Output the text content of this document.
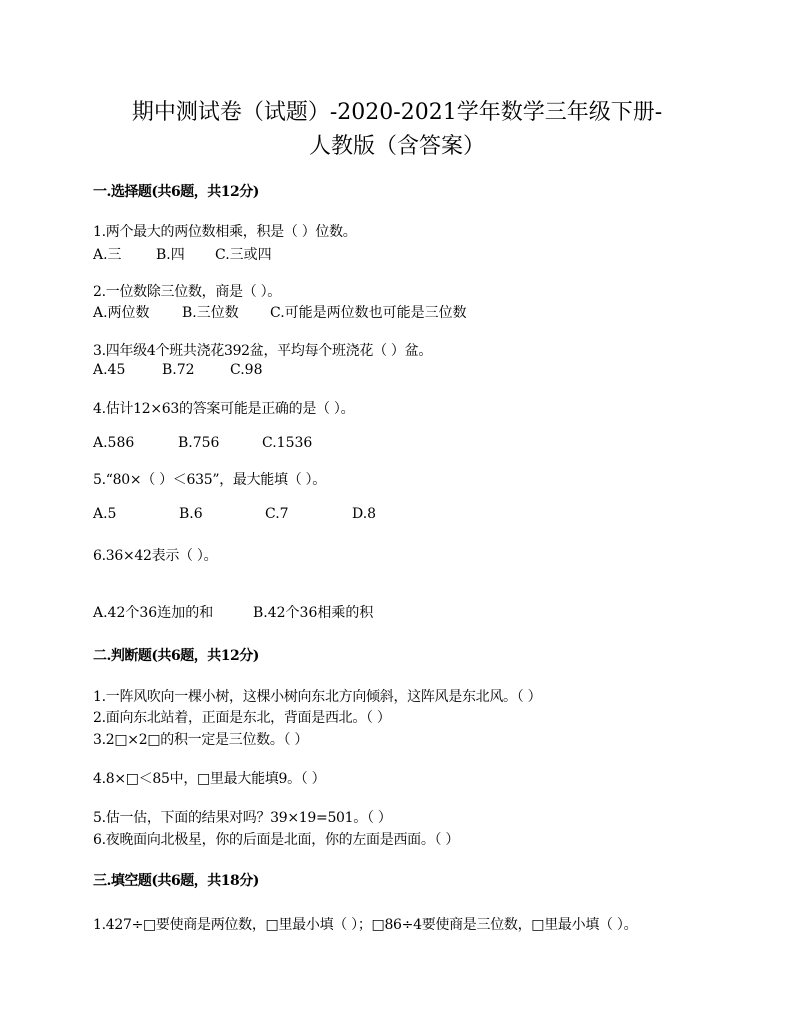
期中测试卷（试题）-2020-2021学年数学三年级下册-
人教版（含答案）
一.选择题(共6题，共12分)
1.两个最大的两位数相乘，积是（ ）位数。
A.三 B.四 C.三或四
2.一位数除三位数，商是（ ）。
A.两位数 B.三位数 C.可能是两位数也可能是三位数
3.四年级4个班共浇花392盆，平均每个班浇花（ ）盆。
A.45	B.72	C.98
4.估计12×63的答案可能是正确的是（ ）。
A.586	B.756	C.1536
5.“80×（ ）＜635”，最大能填（ ）。
A.5	B.6	C.7	D.8
6.36×42表示（ ）。
A.42个36连加的和	B.42个36相乘的积
二.判断题(共6题，共12分)
1.一阵风吹向一棵小树，这棵小树向东北方向倾斜，这阵风是东北风。（ ）
2.面向东北站着，正面是东北，背面是西北。（ ）
3.2□×2□的积一定是三位数。（ ）
4.8×□＜85中，□里最大能填9。（ ）
5.估一估，下面的结果对吗？39×19=501。（ ）
6.夜晚面向北极星，你的后面是北面，你的左面是西面。（ ）
三.填空题(共6题，共18分)
1.427÷□要使商是两位数，□里最小填（ ）；□86÷4要使商是三位数，□里最小填（ ）。
